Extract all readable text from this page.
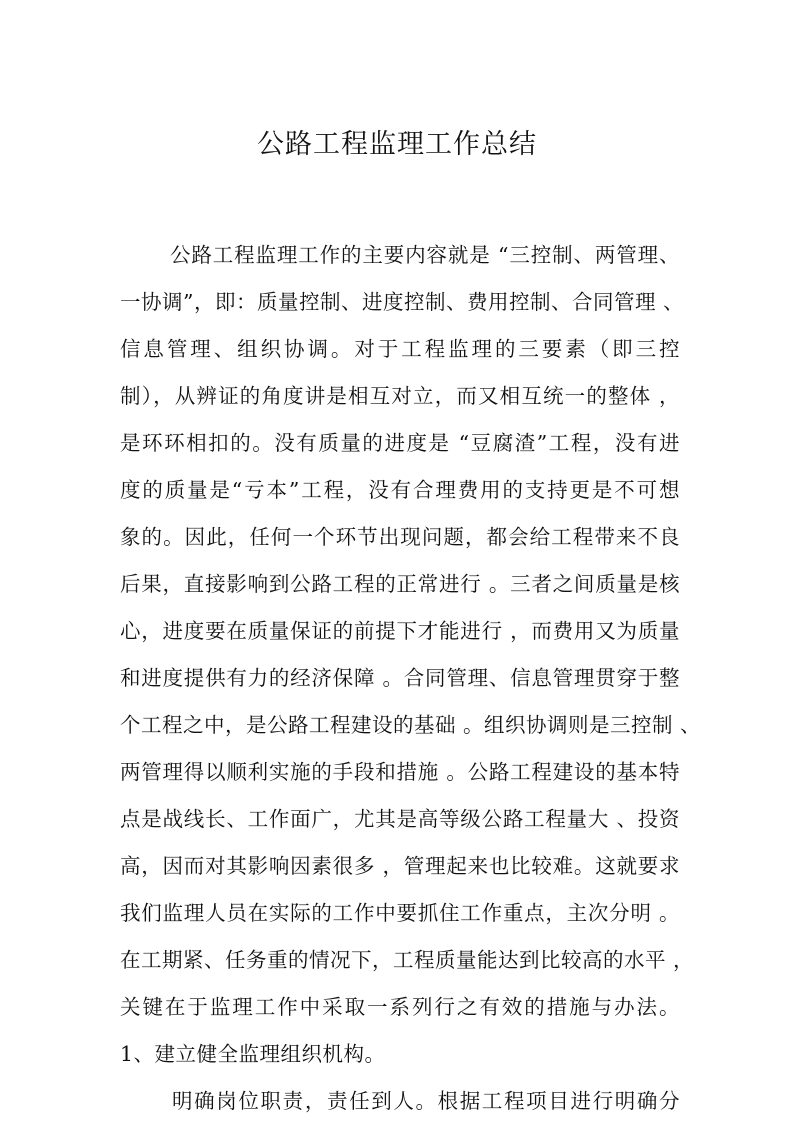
公路工程监理工作总结
公路工程监理工作的主要内容就是 “三控制、两管理、
一协调”，即：质量控制、进度控制、费用控制、合同管理 、
信息管理、组织协调。对于工程监理的三要素（即三控
制），从辨证的角度讲是相互对立，而又相互统一的整体 ，
是环环相扣的。没有质量的进度是 “豆腐渣”工程，没有进
度的质量是“亏本”工程，没有合理费用的支持更是不可想
象的。因此，任何一个环节出现问题，都会给工程带来不良
后果，直接影响到公路工程的正常进行 。三者之间质量是核
心，进度要在质量保证的前提下才能进行 ，而费用又为质量
和进度提供有力的经济保障 。合同管理、信息管理贯穿于整
个工程之中，是公路工程建设的基础 。组织协调则是三控制 、
两管理得以顺利实施的手段和措施 。公路工程建设的基本特
点是战线长、工作面广，尤其是高等级公路工程量大 、投资
高，因而对其影响因素很多 ，管理起来也比较难。这就要求
我们监理人员在实际的工作中要抓住工作重点，主次分明 。
在工期紧、任务重的情况下，工程质量能达到比较高的水平 ，
关键在于监理工作中采取一系列行之有效的措施与办法。
1、建立健全监理组织机构。
明确岗位职责，责任到人。根据工程项目进行明确分
